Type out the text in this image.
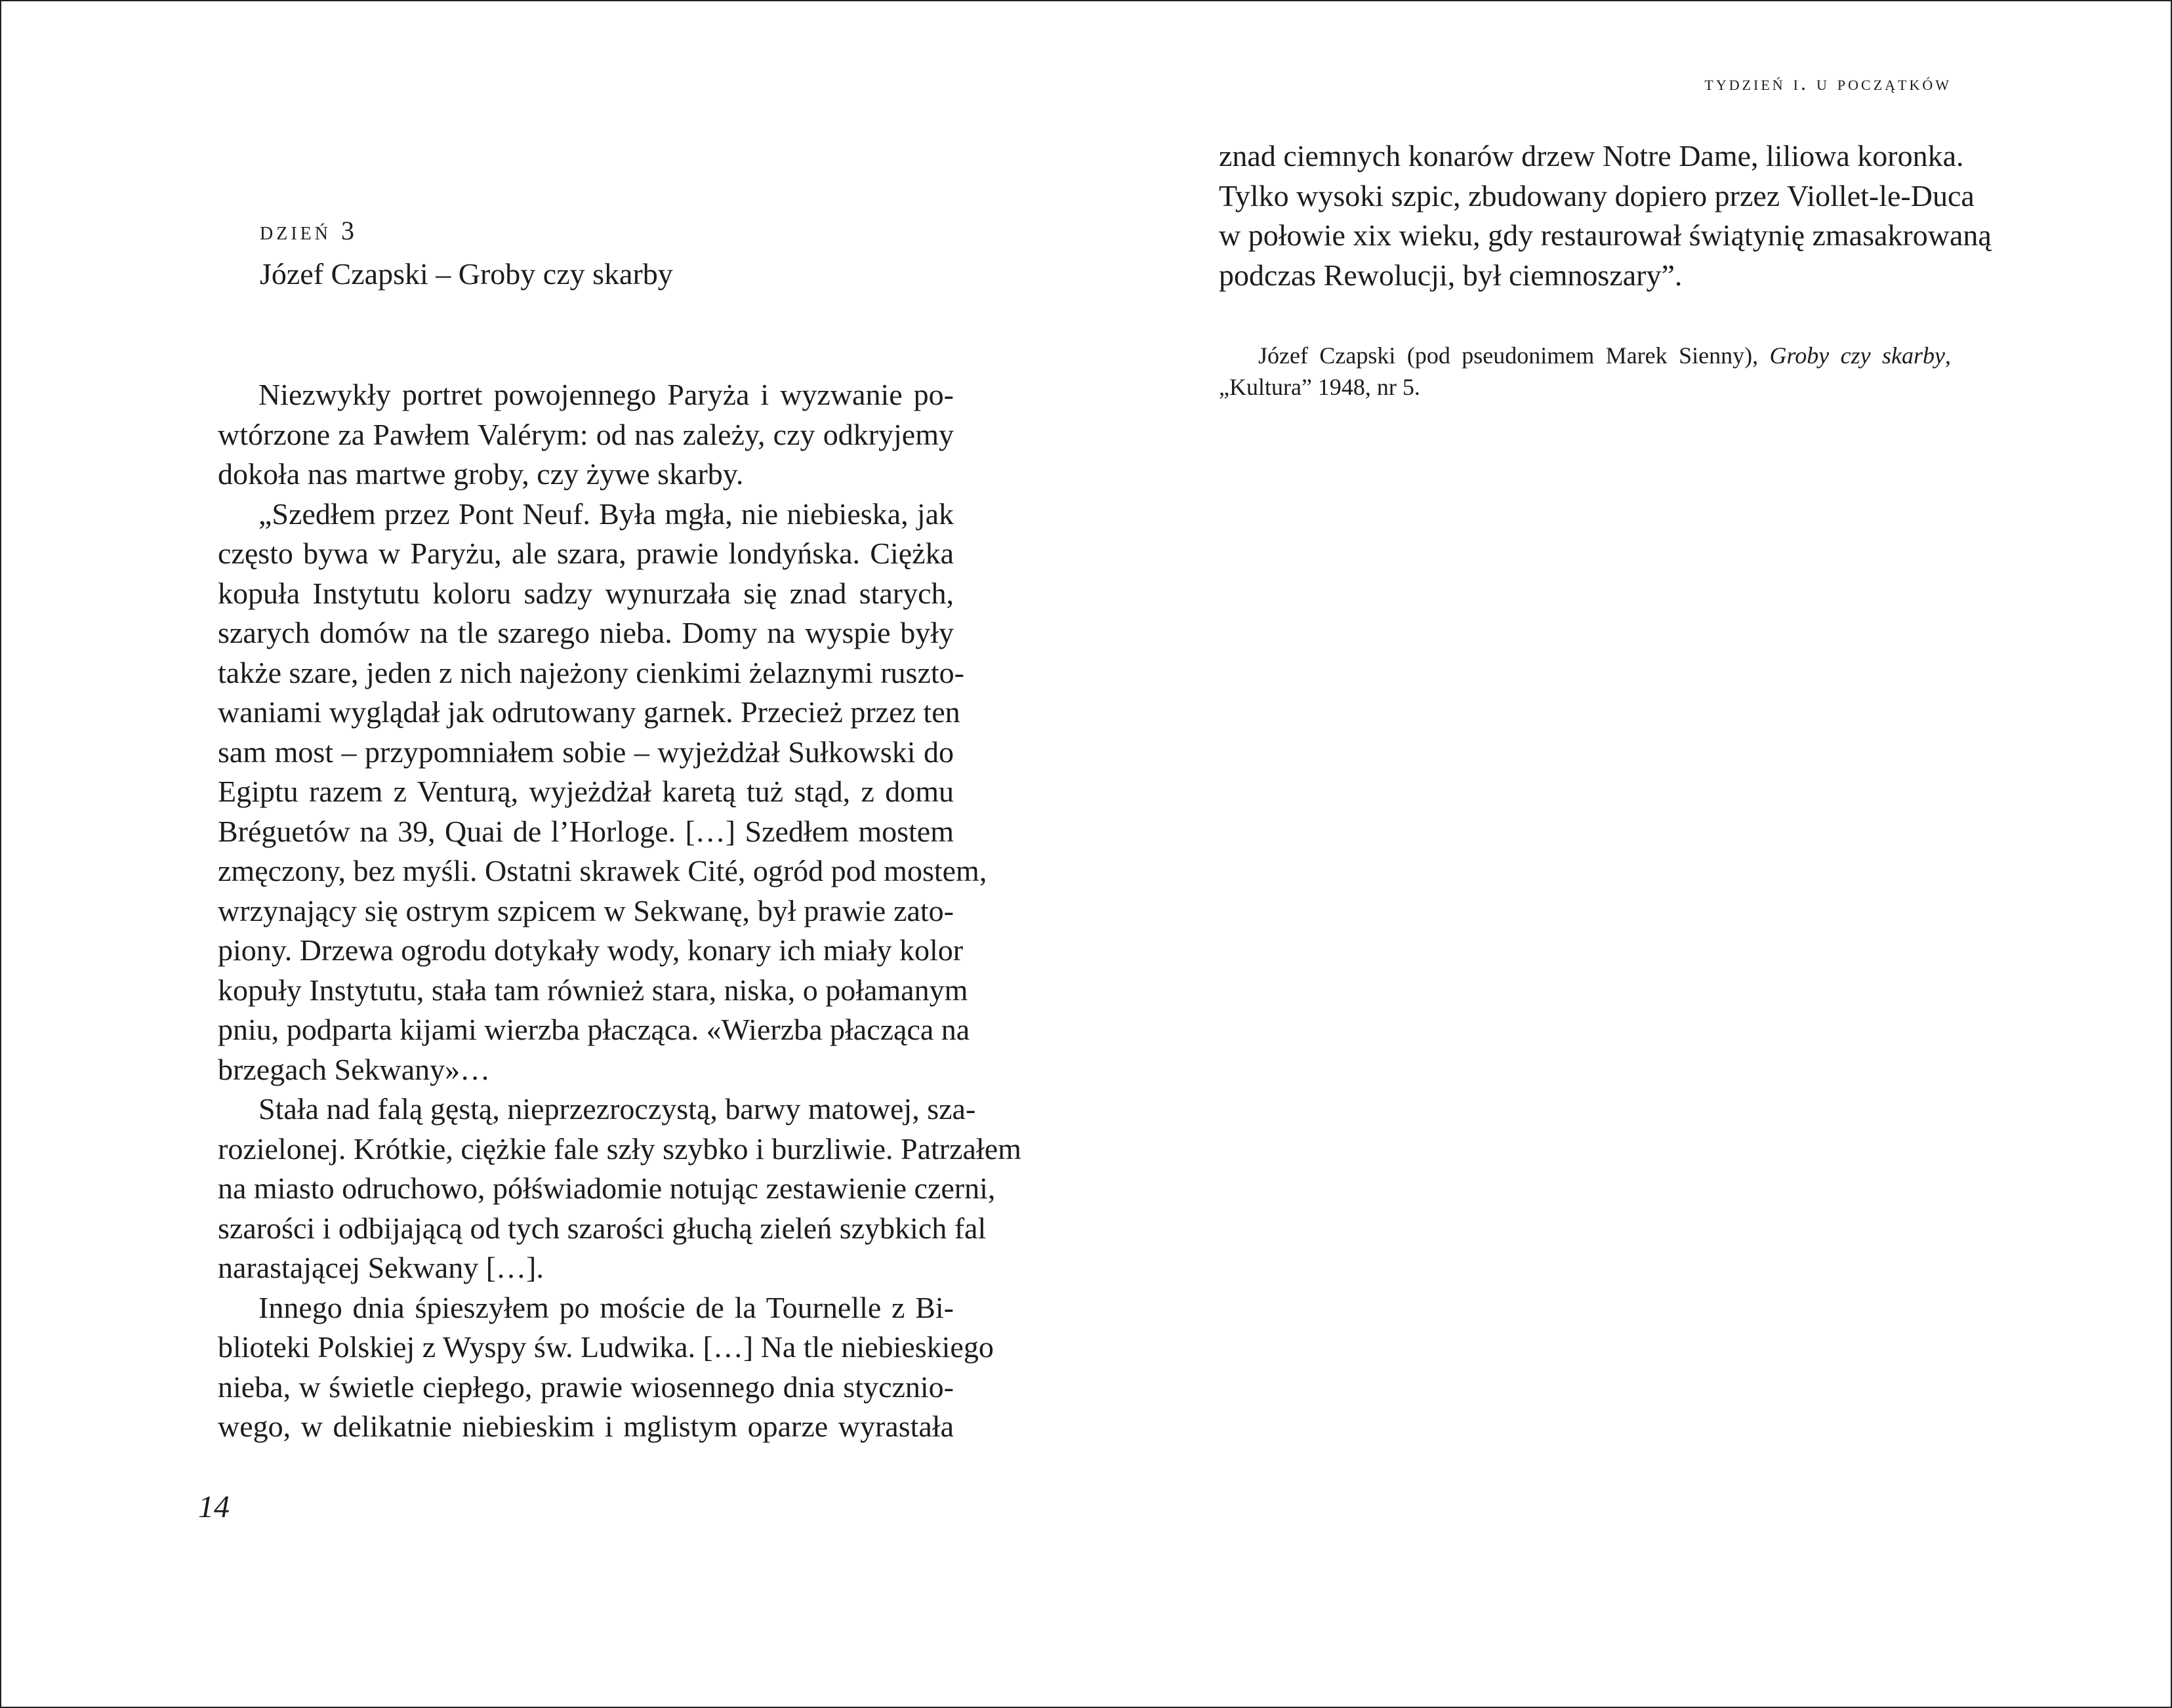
dzień 3
Józef Czapski – Groby czy skarby
Niezwykły portret powojennego Paryża i wyzwanie po-
wtórzone za Pawłem Valérym: od nas zależy, czy odkryjemy
dokoła nas martwe groby, czy żywe skarby.
„Szedłem przez Pont Neuf. Była mgła, nie niebieska, jak
często bywa w Paryżu, ale szara, prawie londyńska. Ciężka
kopuła Instytutu koloru sadzy wynurzała się znad starych,
szarych domów na tle szarego nieba. Domy na wyspie były
także szare, jeden z nich najeżony cienkimi żelaznymi ruszto-
waniami wyglądał jak odrutowany garnek. Przecież przez ten
sam most – przypomniałem sobie – wyjeżdżał Sułkowski do
Egiptu razem z Venturą, wyjeżdżał karetą tuż stąd, z domu
Bréguetów na 39, Quai de l’Horloge. […] Szedłem mostem
zmęczony, bez myśli. Ostatni skrawek Cité, ogród pod mostem,
wrzynający się ostrym szpicem w Sekwanę, był prawie zato-
piony. Drzewa ogrodu dotykały wody, konary ich miały kolor
kopuły Instytutu, stała tam również stara, niska, o połamanym
pniu, podparta kijami wierzba płacząca. «Wierzba płacząca na
brzegach Sekwany»…
Stała nad falą gęstą, nieprzezroczystą, barwy matowej, sza-
rozielonej. Krótkie, ciężkie fale szły szybko i burzliwie. Patrzałem
na miasto odruchowo, półświadomie notując zestawienie czerni,
szarości i odbijającą od tych szarości głuchą zieleń szybkich fal
narastającej Sekwany […].
Innego dnia śpieszyłem po moście de la Tournelle z Bi-
blioteki Polskiej z Wyspy św. Ludwika. […] Na tle niebieskiego
nieba, w świetle ciepłego, prawie wiosennego dnia stycznio-
wego, w delikatnie niebieskim i mglistym oparze wyrastała
14
tydzień i. u początków
znad ciemnych konarów drzew Notre Dame, liliowa koronka.
Tylko wysoki szpic, zbudowany dopiero przez Viollet-le-Duca
w połowie xix wieku, gdy restaurował świątynię zmasakrowaną
podczas Rewolucji, był ciemnoszary”.
Józef Czapski (pod pseudonimem Marek Sienny), Groby czy skarby,
„Kultura” 1948, nr 5.
